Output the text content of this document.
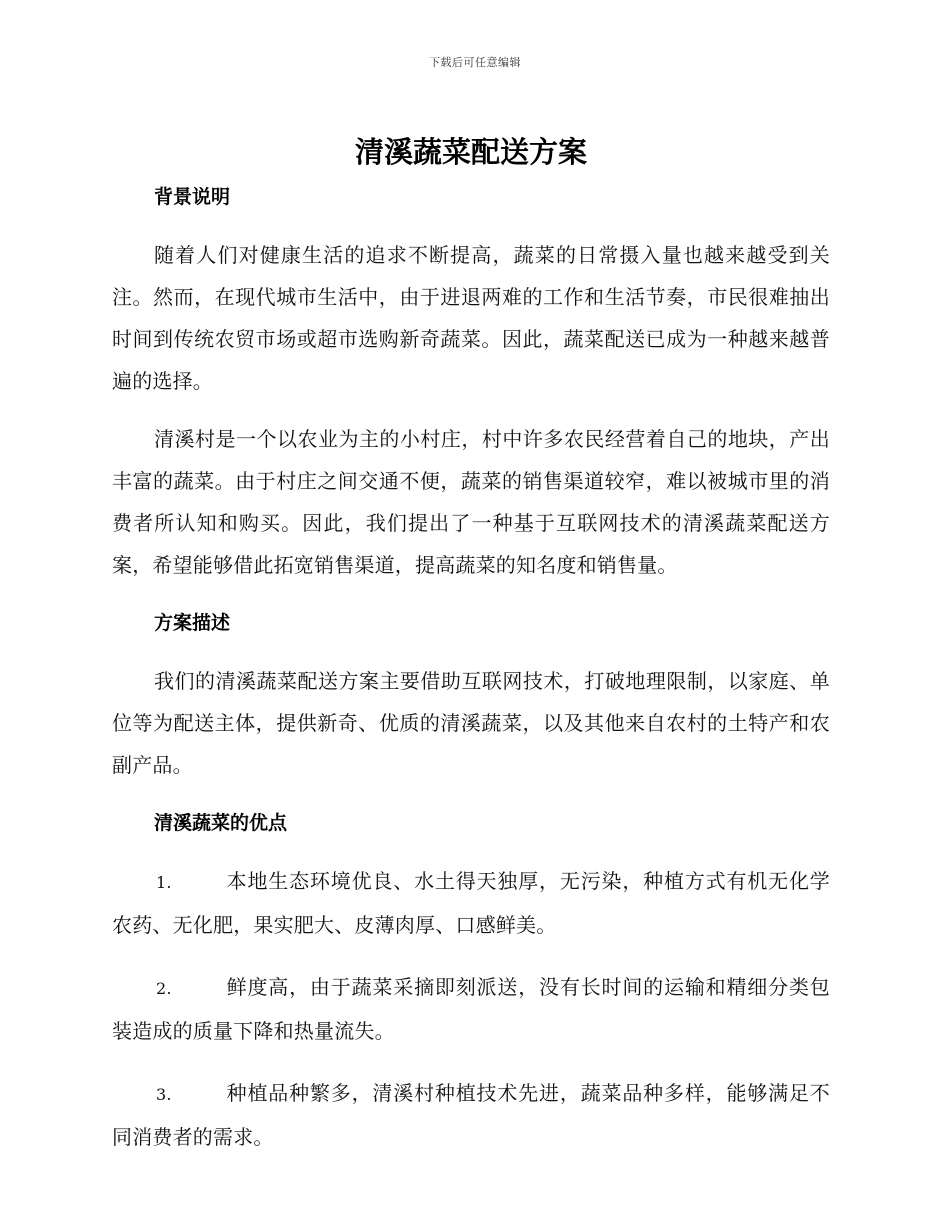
下载后可任意编辑
清溪蔬菜配送方案
背景说明

随着人们对健康生活的追求不断提高，蔬菜的日常摄入量也越来越受到关注。然而，在现代城市生活中，由于进退两难的工作和生活节奏，市民很难抽出时间到传统农贸市场或超市选购新奇蔬菜。因此，蔬菜配送已成为一种越来越普遍的选择。

清溪村是一个以农业为主的小村庄，村中许多农民经营着自己的地块，产出丰富的蔬菜。由于村庄之间交通不便，蔬菜的销售渠道较窄，难以被城市里的消费者所认知和购买。因此，我们提出了一种基于互联网技术的清溪蔬菜配送方案，希望能够借此拓宽销售渠道，提高蔬菜的知名度和销售量。

方案描述

我们的清溪蔬菜配送方案主要借助互联网技术，打破地理限制，以家庭、单位等为配送主体，提供新奇、优质的清溪蔬菜，以及其他来自农村的土特产和农副产品。

清溪蔬菜的优点

1.	本地生态环境优良、水土得天独厚，无污染，种植方式有机无化学农药、无化肥，果实肥大、皮薄肉厚、口感鲜美。

2.	鲜度高，由于蔬菜采摘即刻派送，没有长时间的运输和精细分类包装造成的质量下降和热量流失。

3.	种植品种繁多，清溪村种植技术先进，蔬菜品种多样，能够满足不同消费者的需求。
